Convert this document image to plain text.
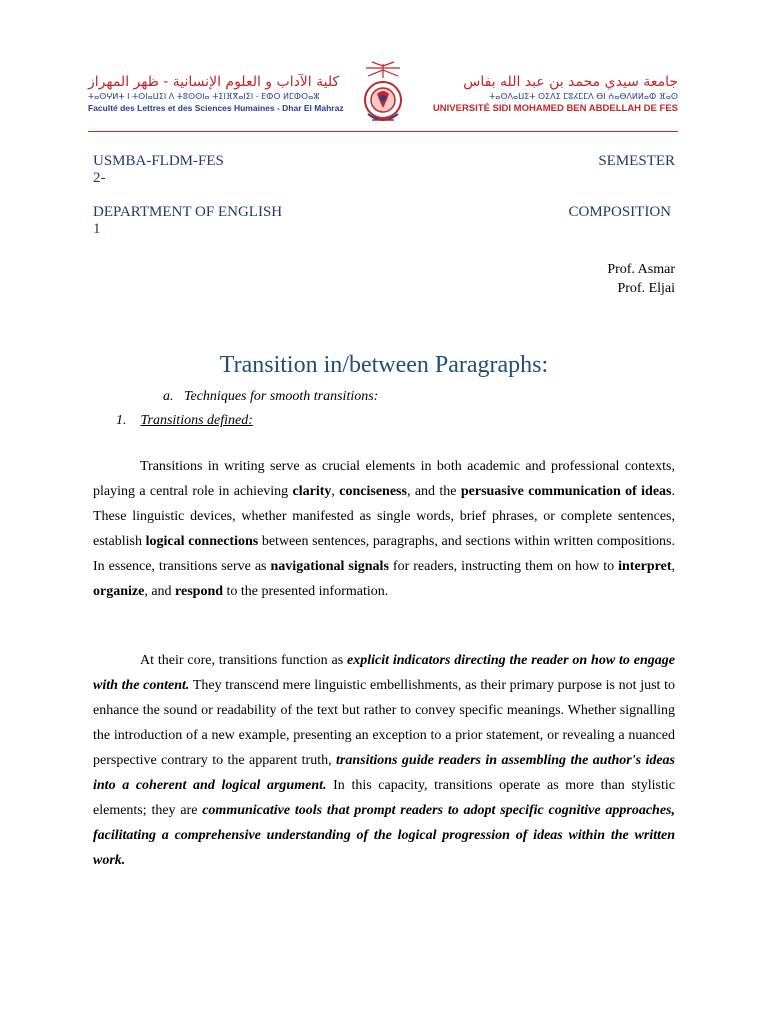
كلية الآداب و العلوم الإنسانية - ظهر المهراز
ⵜⴰⵙⵖⵍⵜ ⵏ ⵜⵙⵏⴰⵡⵉⵏ ⴷ ⵜⵓⵙⵙⵏⴰ ⵜⵉⵏⴼⴳⴰⵏⵉⵏ - ⴹⵀⵔ ⵍⵎⵀⵔⴰⵣ
Faculté des Lettres et des Sciences Humaines - Dhar El Mahraz
جامعة سيدي محمد بن عبد الله بفاس
ⵜⴰⵙⴷⴰⵡⵉⵜ ⵙⵉⴷⵉ ⵎⵓⵃⵎⵎⴷ ⴱⵏ ⵄⴰⴱⴷⵍⵍⴰⵀ ⴼⴰⵙ
UNIVERSITÉ SIDI MOHAMED BEN ABDELLAH DE FES
USMBA-FLDM-FES	SEMESTER
2-
DEPARTMENT OF ENGLISH	COMPOSITION
1
Prof. Asmar
Prof. Eljai
Transition in/between Paragraphs:
a. Techniques for smooth transitions:
1. Transitions defined:

Transitions in writing serve as crucial elements in both academic and professional contexts, playing a central role in achieving clarity, conciseness, and the persuasive communication of ideas. These linguistic devices, whether manifested as single words, brief phrases, or complete sentences, establish logical connections between sentences, paragraphs, and sections within written compositions. In essence, transitions serve as navigational signals for readers, instructing them on how to interpret, organize, and respond to the presented information.

At their core, transitions function as explicit indicators directing the reader on how to engage with the content. They transcend mere linguistic embellishments, as their primary purpose is not just to enhance the sound or readability of the text but rather to convey specific meanings. Whether signalling the introduction of a new example, presenting an exception to a prior statement, or revealing a nuanced perspective contrary to the apparent truth, transitions guide readers in assembling the author's ideas into a coherent and logical argument. In this capacity, transitions operate as more than stylistic elements; they are communicative tools that prompt readers to adopt specific cognitive approaches, facilitating a comprehensive understanding of the logical progression of ideas within the written work.
